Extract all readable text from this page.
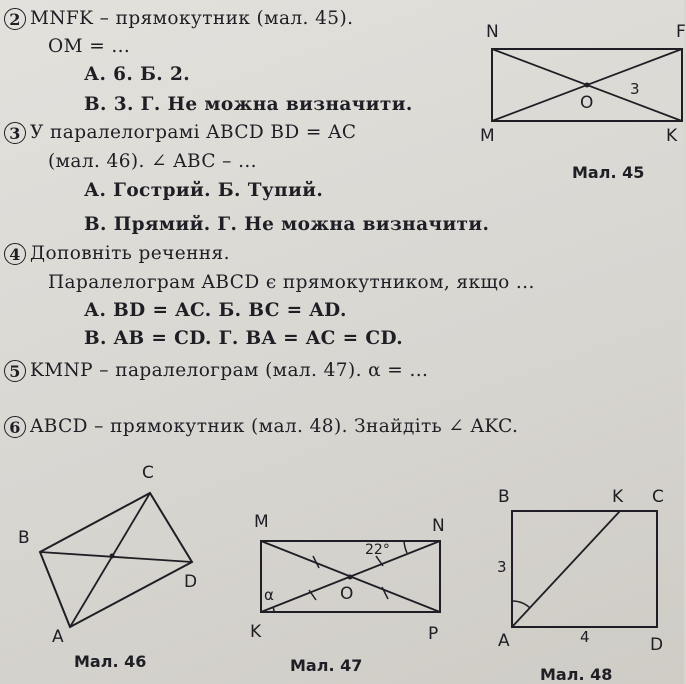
2 MNFK – прямокутник (мал. 45).
OM = ...
А. 6. Б. 2.
В. 3. Г. Не можна визначити.
3 У паралелограмі ABCD BD = AC
(мал. 46). ∠ ABC – ...
А. Гострий. Б. Тупий.
В. Прямий. Г. Не можна визначити.
4 Доповніть речення.
Паралелограм ABCD є прямокутником, якщо ...
А. BD = AC. Б. BC = AD.
В. AB = CD. Г. BA = AC = CD.
5 KMNP – паралелограм (мал. 47). α = ...
6 ABCD – прямокутник (мал. 48). Знайдіть ∠ AKC.
N	F
M	K
O
3
Мал. 45
C
B
D
A
Мал. 46
M	N
K	P
O
22°
α
Мал. 47
B	K C
3
A	4	D
Мал. 48
